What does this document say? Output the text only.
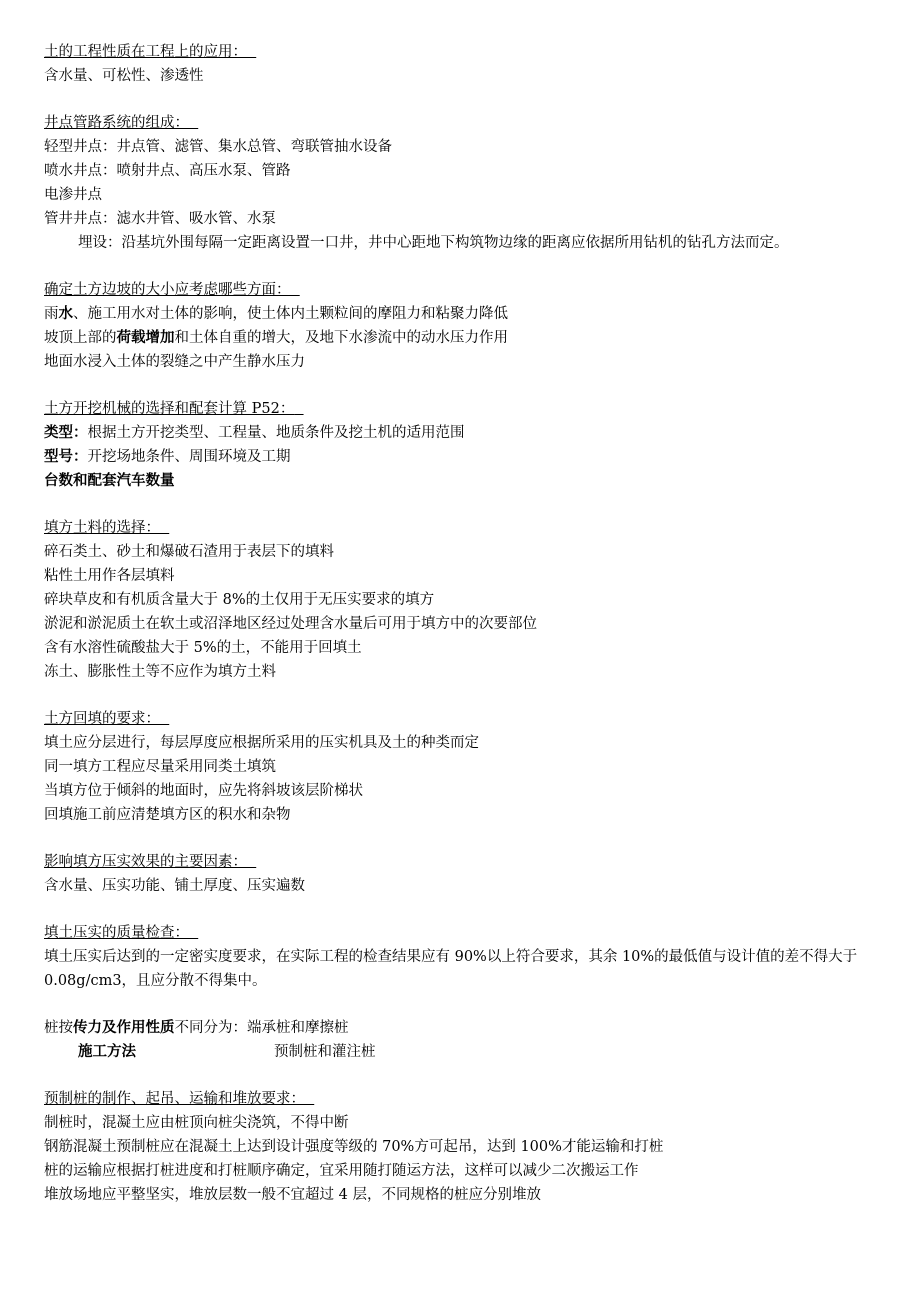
土的工程性质在工程上的应用：
含水量、可松性、渗透性
井点管路系统的组成：
轻型井点：井点管、滤管、集水总管、弯联管抽水设备
喷水井点：喷射井点、高压水泵、管路
电渗井点
管井井点：滤水井管、吸水管、水泵
埋设：沿基坑外围每隔一定距离设置一口井，井中心距地下构筑物边缘的距离应依据所用钻机的钻孔方法而定。
确定土方边坡的大小应考虑哪些方面：
雨水、施工用水对土体的影响，使土体内土颗粒间的摩阻力和粘聚力降低
坡顶上部的荷载增加和土体自重的增大，及地下水渗流中的动水压力作用
地面水浸入土体的裂缝之中产生静水压力
土方开挖机械的选择和配套计算 P52：
类型：根据土方开挖类型、工程量、地质条件及挖土机的适用范围
型号：开挖场地条件、周围环境及工期
台数和配套汽车数量
填方土料的选择：
碎石类土、砂土和爆破石渣用于表层下的填料
粘性土用作各层填料
碎块草皮和有机质含量大于 8%的土仅用于无压实要求的填方
淤泥和淤泥质土在软土或沼泽地区经过处理含水量后可用于填方中的次要部位
含有水溶性硫酸盐大于 5%的土，不能用于回填土
冻土、膨胀性土等不应作为填方土料
土方回填的要求：
填土应分层进行，每层厚度应根据所采用的压实机具及土的种类而定
同一填方工程应尽量采用同类土填筑
当填方位于倾斜的地面时，应先将斜坡该层阶梯状
回填施工前应清楚填方区的积水和杂物
影响填方压实效果的主要因素：
含水量、压实功能、铺土厚度、压实遍数
填土压实的质量检查：
填土压实后达到的一定密实度要求，在实际工程的检查结果应有 90%以上符合要求，其余 10%的最低值与设计值的差不得大于 0.08g/cm3，且应分散不得集中。
桩按传力及作用性质不同分为：端承桩和摩擦桩
施工方法	预制桩和灌注桩
预制桩的制作、起吊、运输和堆放要求：
制桩时，混凝土应由桩顶向桩尖浇筑，不得中断
钢筋混凝土预制桩应在混凝土上达到设计强度等级的 70%方可起吊，达到 100%才能运输和打桩
桩的运输应根据打桩进度和打桩顺序确定，宜采用随打随运方法，这样可以减少二次搬运工作
堆放场地应平整坚实，堆放层数一般不宜超过 4 层，不同规格的桩应分别堆放
